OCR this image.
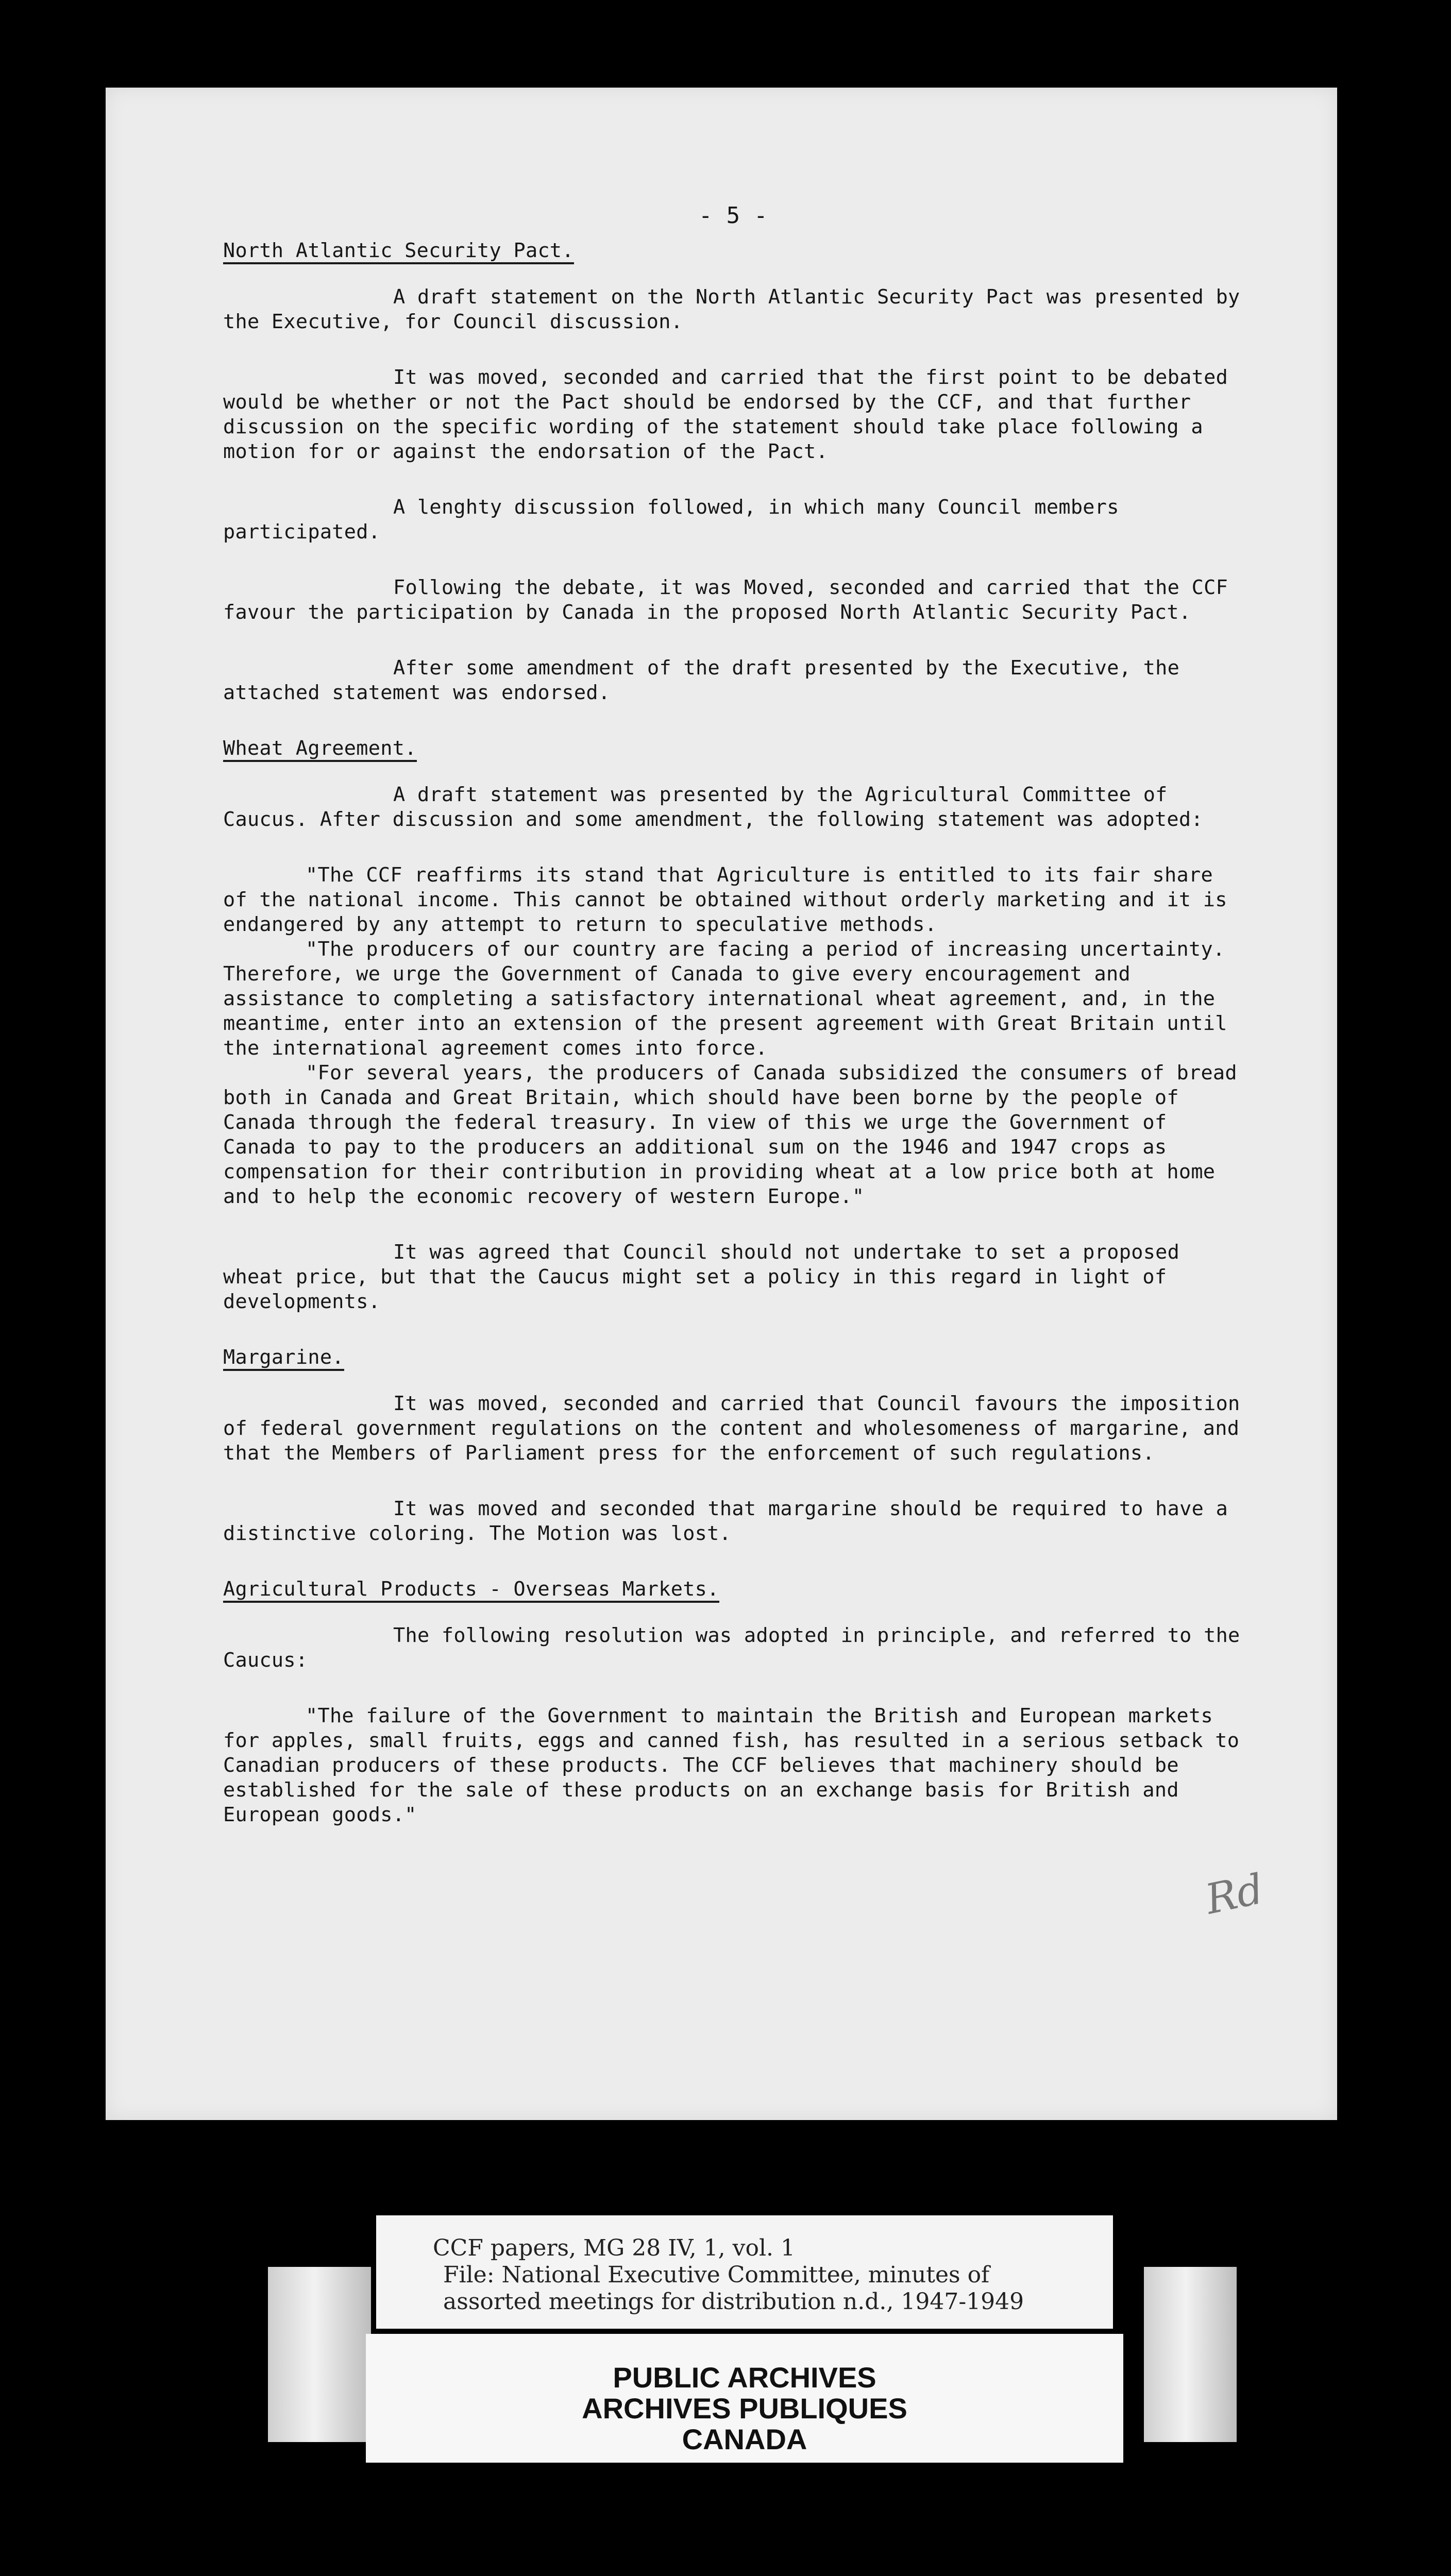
- 5 -
North Atlantic Security Pact.

A draft statement on the North Atlantic Security Pact was presented by the Executive, for Council discussion.

It was moved, seconded and carried that the first point to be debated would be whether or not the Pact should be endorsed by the CCF, and that further discussion on the specific wording of the statement should take place following a motion for or against the endorsation of the Pact.

A lenghty discussion followed, in which many Council members participated.

Following the debate, it was Moved, seconded and carried that the CCF favour the participation by Canada in the proposed North Atlantic Security Pact.

After some amendment of the draft presented by the Executive, the attached statement was endorsed.

Wheat Agreement.

A draft statement was presented by the Agricultural Committee of Caucus. After discussion and some amendment, the following statement was adopted:

"The CCF reaffirms its stand that Agriculture is entitled to its fair share of the national income. This cannot be obtained without orderly marketing and it is endangered by any attempt to return to speculative methods.

"The producers of our country are facing a period of increasing uncertainty. Therefore, we urge the Government of Canada to give every encouragement and assistance to completing a satisfactory international wheat agreement, and, in the meantime, enter into an extension of the present agreement with Great Britain until the international agreement comes into force.

"For several years, the producers of Canada subsidized the consumers of bread both in Canada and Great Britain, which should have been borne by the people of Canada through the federal treasury. In view of this we urge the Government of Canada to pay to the producers an additional sum on the 1946 and 1947 crops as compensation for their contribution in providing wheat at a low price both at home and to help the economic recovery of western Europe."

It was agreed that Council should not undertake to set a proposed wheat price, but that the Caucus might set a policy in this regard in light of developments.

Margarine.

It was moved, seconded and carried that Council favours the imposition of federal government regulations on the content and wholesomeness of margarine, and that the Members of Parliament press for the enforcement of such regulations.

It was moved and seconded that margarine should be required to have a distinctive coloring. The Motion was lost.

Agricultural Products - Overseas Markets.

The following resolution was adopted in principle, and referred to the Caucus:

"The failure of the Government to maintain the British and European markets for apples, small fruits, eggs and canned fish, has resulted in a serious setback to Canadian producers of these products. The CCF believes that machinery should be established for the sale of these products on an exchange basis for British and European goods."

Rd
CCF papers, MG 28 IV, 1, vol. 1
File: National Executive Committee, minutes of
assorted meetings for distribution n.d., 1947-1949
PUBLIC ARCHIVES
ARCHIVES PUBLIQUES
CANADA
